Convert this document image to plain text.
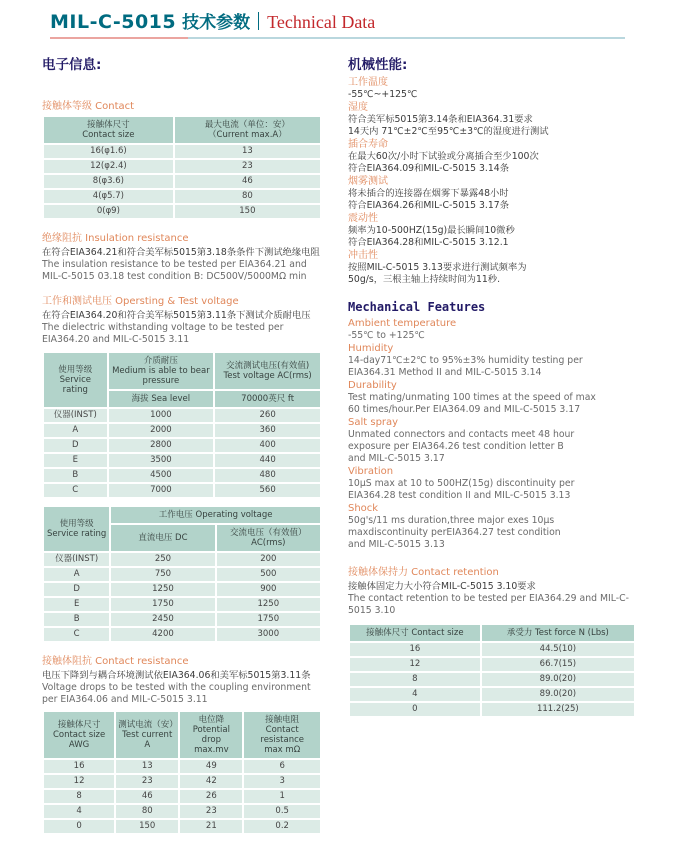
MIL-C-5015 技术参数 Technical Data
电子信息:
接触体等级 Contact
接触体尺寸
Contact size

最大电流（单位：安）
（Current max.A）

16(φ1.6)	13
12(φ2.4)	23
8(φ3.6)	46
4(φ5.7)	80
0(φ9)	150
绝缘阻抗 Insulation resistance
在符合EIA364.21和符合美军标5015第3.18条条件下测试绝缘电阻
The insulation resistance to be tested per EIA364.21 and MIL-C-5015 03.18 test condition B: DC500V/5000MΩ min
工作和测试电压 Opersting & Test voltage
在符合EIA364.20和符合美军标5015第3.11条下测试介质耐电压
The dielectric withstanding voltage to be tested per EIA364.20 and MIL-C-5015 3.11
使用等级
Service rating

介质耐压
Medium is able to bear pressure

交流测试电压(有效值)
Test voltage AC(rms)

	海拔 Sea level	70000英尺 ft
仪器(INST)	1000	260
A	2000	360
D	2800	400
E	3500	440
B	4500	480
C	7000	560
使用等级
Service rating	工作电压 Operating voltage	
	直流电压 DC	交流电压（有效值） AC(rms)
仪器(INST)	250	200
A	750	500
D	1250	900
E	1750	1250
B	2450	1750
C	4200	3000
接触体阻抗 Contact resistance
电压下降到与耦合环境测试依EIA364.06和美军标5015第3.11条
Voltage drops to be tested with the coupling environment per EIA364.06 and MIL-C-5015 3.11
接触体尺寸
Contact size AWG

测试电流（安）
Test current A

电位降
Potential drop
max.mv

接触电阻
Contact resistance
max mΩ

16	13	49	6
12	23	42	3
8	46	26	1
4	80	23	0.5
0	150	21	0.2
机械性能:
工作温度
-55℃~+125℃
湿度
符合美军标5015第3.14条和EIA364.31要求
14天内 71℃±2℃至95℃±3℃的湿度进行测试
插合寿命
在最大60次/小时下试验或分离插合至少100次
符合EIA364.09和MIL-C-5015 3.14条
烟雾测试
将未插合的连接器在烟雾下暴露48小时
符合EIA364.26和MIL-C-5015 3.17条
震动性
频率为10-500HZ(15g)最长瞬间10微秒
符合EIA364.28和MIL-C-5015 3.12.1
冲击性
按照MIL-C-5015 3.13要求进行测试频率为
50g/s，三根主轴上持续时间为11秒.
Mechanical Features
Ambient temperature
-55℃ to +125℃
Humidity
14-day71℃±2℃ to 95%±3% humidity testing per
EIA364.31 Method II and MIL-C-5015 3.14
Durability
Test mating/unmating 100 times at the speed of max
60 times/hour.Per EIA364.09 and MIL-C-5015 3.17
Salt spray
Unmated connectors and contacts meet 48 hour
exposure per EIA364.26 test condition letter B
and MIL-C-5015 3.17
Vibration
10μS max at 10 to 500HZ(15g) discontinuity per
EIA364.28 test condition II and MIL-C-5015 3.13
Shock
50g's/11 ms duration,three major exes 10μs
maxdiscontinuity perEIA364.27 test condition
and MIL-C-5015 3.13
接触体保持力 Contact retention
接触体固定力大小符合MIL-C-5015 3.10要求
The contact retention to be tested per EIA364.29 and MIL-C-5015 3.10
接触体尺寸 Contact size	承受力 Test force N (Lbs)
16	44.5(10)
12	66.7(15)
8	89.0(20)
4	89.0(20)
0	111.2(25)
